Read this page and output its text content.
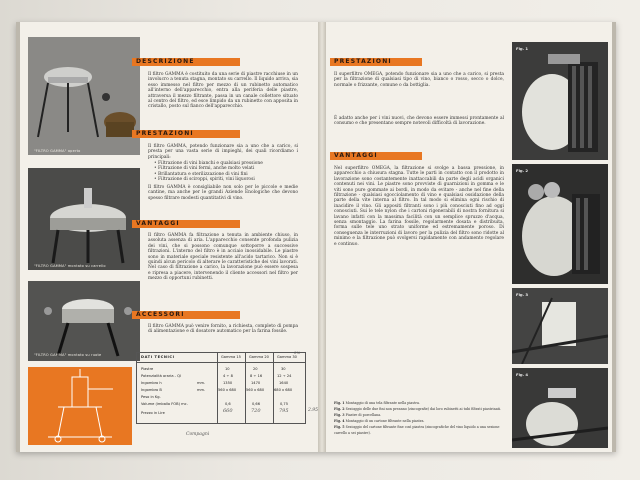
"FILTRO GAMMA" aperto
"FILTRO GAMMA" montato su carrello
"FILTRO GAMMA" montato su ruote
DESCRIZIONE
Il filtro GAMMA è costituito da una serie di piastre racchiuse in un involucro a tenuta stagna, montato su carrello. Il liquido arriva, sia esso immesso nel filtro per mezzo di un rubinetto automatico all'interno dell'apparecchio, entra alla periferia delle piastre, attraversa il mezzo filtrante, passa in un canale collettore situato al centro del filtro, ed esce limpido da un rubinetto con apposita in cristallo, posto sul fianco dell'apparecchio.
PRESTAZIONI
Il filtro GAMMA, potendo funzionare sia a uno che a carico, si presta per una vasta serie di impieghi, dei quali ricordiamo i principali:
• Filtrazione di vini bianchi e qualsiasi pressione
• Filtrazione di vini fermi, anche molto velati
• Brillantatura e sterilizzazione di vini fini
• Filtrazione di sciroppi, spiriti, vini liquorosi
Il filtro GAMMA è consigliabile non solo per le piccole e medie cantine, ma anche per le grandi Aziende Enologiche che devono spesso filtrare modesti quantitativi di vino.
VANTAGGI
Il filtro GAMMA fa filtrazione a tenuta in ambiente chiuso, in assoluta assenza di aria. L'apparecchio consente profonda pulizia dei vini, che si possono comunque sottoporre a successive filtrazioni. L'interno del filtro è in acciaio inossidabile. Le piastre sono in materiale speciale resistente all'acido tartarico. Non si è quindi alcun pericolo di alterare le caratteristiche dei vini lavorati. Nel caso di filtrazione a carico, la lavorazione può essere sospesa e ripresa a piacere, intervenendo il cliente accessori nel filtro per mezzo di opportuni rubinetti.
ACCESSORI
Il filtro GAMMA può venire fornito, a richiesta, completo di pompa di alimentazione e di dosatore automatico per la farina fossile.
DATI TECNICI	Gamma 15 Gamma 20 Gamma 30
Piastre	10	20	30
Potenzialità oraria - Ql	4 ÷ 8	8 ÷ 16	12 ÷ 24
Ingombro h	mm.	1350	1470	1640
Ingombro B	mm.	560 x 680	560 x 680	680 x 680
Peso in Kg.
Volume (imballo FOB) mc.	0,6	0,66	0,75
Prezzo in Lire	660	720	795
5%
2.95
Compagni
PRESTAZIONI
Il superfiltro OMEGA, potendo funzionare sia a uno che a carico, si presta per la filtrazione di qualsiasi tipo di vino, bianco o rosso, secco o dolce, normale o frizzante, comune o da bottiglia.
È adatto anche per i vini nuovi, che devono essere immessi prontamente al consumo e che presentano sempre notevoli difficoltà di lavorazione.
VANTAGGI
Nel superfiltro OMEGA, la filtrazione si svolge a bassa pressione, in apparecchio a chiusura stagna. Tutte le parti in contatto con il prodotto in lavorazione sono costantemente inattaccabili da parte degli acidi organici contenuti nei vini. Le piastre sono provviste di guarnizioni in gomma e le viti sono pure gommate ai bordi, in modo da evitare - anche nel fine della filtrazione - qualsiasi sgocciolamento di vino e qualsiasi ossidazione della parte della vite interna al filtro. In tal modo si elimina ogni rischio di inacidire il vino. Gli appositi filtranti sono i più conosciuti fino ad oggi conosciuti. Sui le tele nylon che i cartoni rigenerabili di nostra fornitura si lavano infatti con la massima facilità con un semplice spruzzo d'acqua, senza smontaggio. La farina fossile, regolarmente dosata e distribuita, forma sulle tele uno strato uniforme ed estremamente poroso. Di conseguenza le interruzioni di lavoro per la pulizia del filtro sono ridotte al minimo e la filtrazione può svolgersi rapidamente con andamento regolare e continuo.
Fig. 1
Fig. 2
Fig. 3
Fig. 4
Fig. 1 Montaggio di una tela filtrante nella piastra.
Fig. 2 Sezioggio delle due fini non preanno (zincografie) dai loro rubinetti ai tubi filtrati piastrinati.
Fig. 3 Piastre di porcellana.
Fig. 4 Montaggio di un cartone filtrante nella piastra.
Fig. 5 Sezioggio del cartone filtrante fine così piastra (zincografiche del vino liquido a una sezione carrello a sei piastre).
